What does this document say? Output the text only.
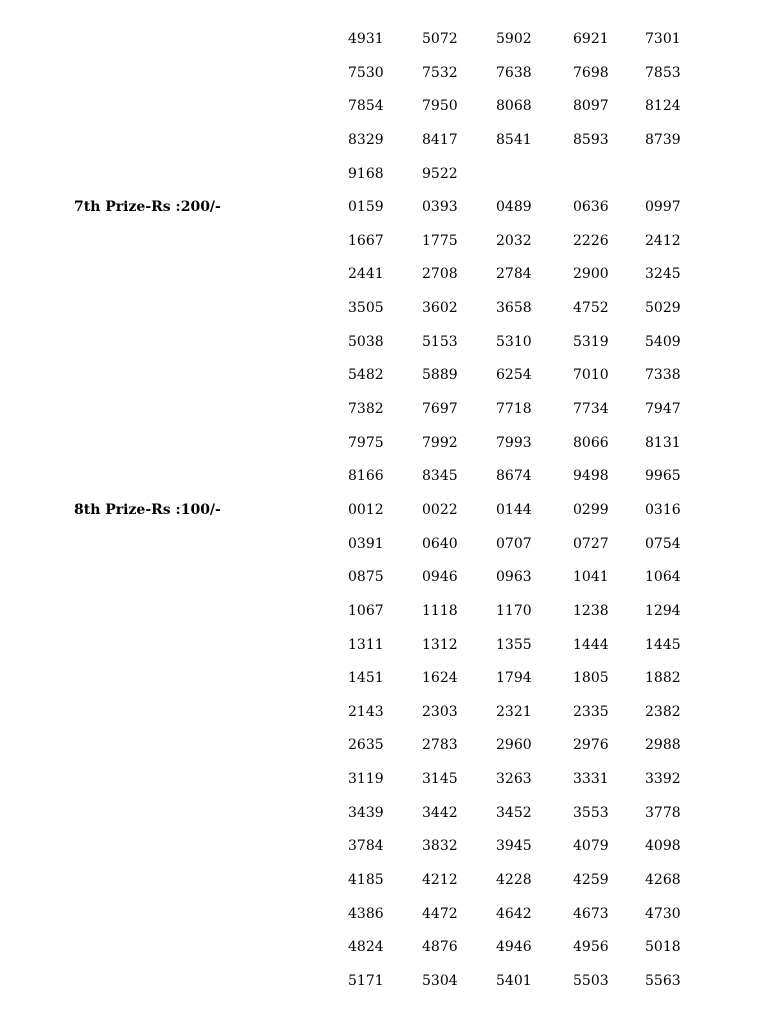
4931	5072	5902	6921	7301
7530	7532	7638	7698	7853
7854	7950	8068	8097	8124
8329	8417	8541	8593	8739
9168	9522
7th Prize-Rs :200/-	0159	0393	0489	0636	0997
1667	1775	2032	2226	2412
2441	2708	2784	2900	3245
3505	3602	3658	4752	5029
5038	5153	5310	5319	5409
5482	5889	6254	7010	7338
7382	7697	7718	7734	7947
7975	7992	7993	8066	8131
8166	8345	8674	9498	9965
8th Prize-Rs :100/-	0012	0022	0144	0299	0316
0391	0640	0707	0727	0754
0875	0946	0963	1041	1064
1067	1118	1170	1238	1294
1311	1312	1355	1444	1445
1451	1624	1794	1805	1882
2143	2303	2321	2335	2382
2635	2783	2960	2976	2988
3119	3145	3263	3331	3392
3439	3442	3452	3553	3778
3784	3832	3945	4079	4098
4185	4212	4228	4259	4268
4386	4472	4642	4673	4730
4824	4876	4946	4956	5018
5171	5304	5401	5503	5563
